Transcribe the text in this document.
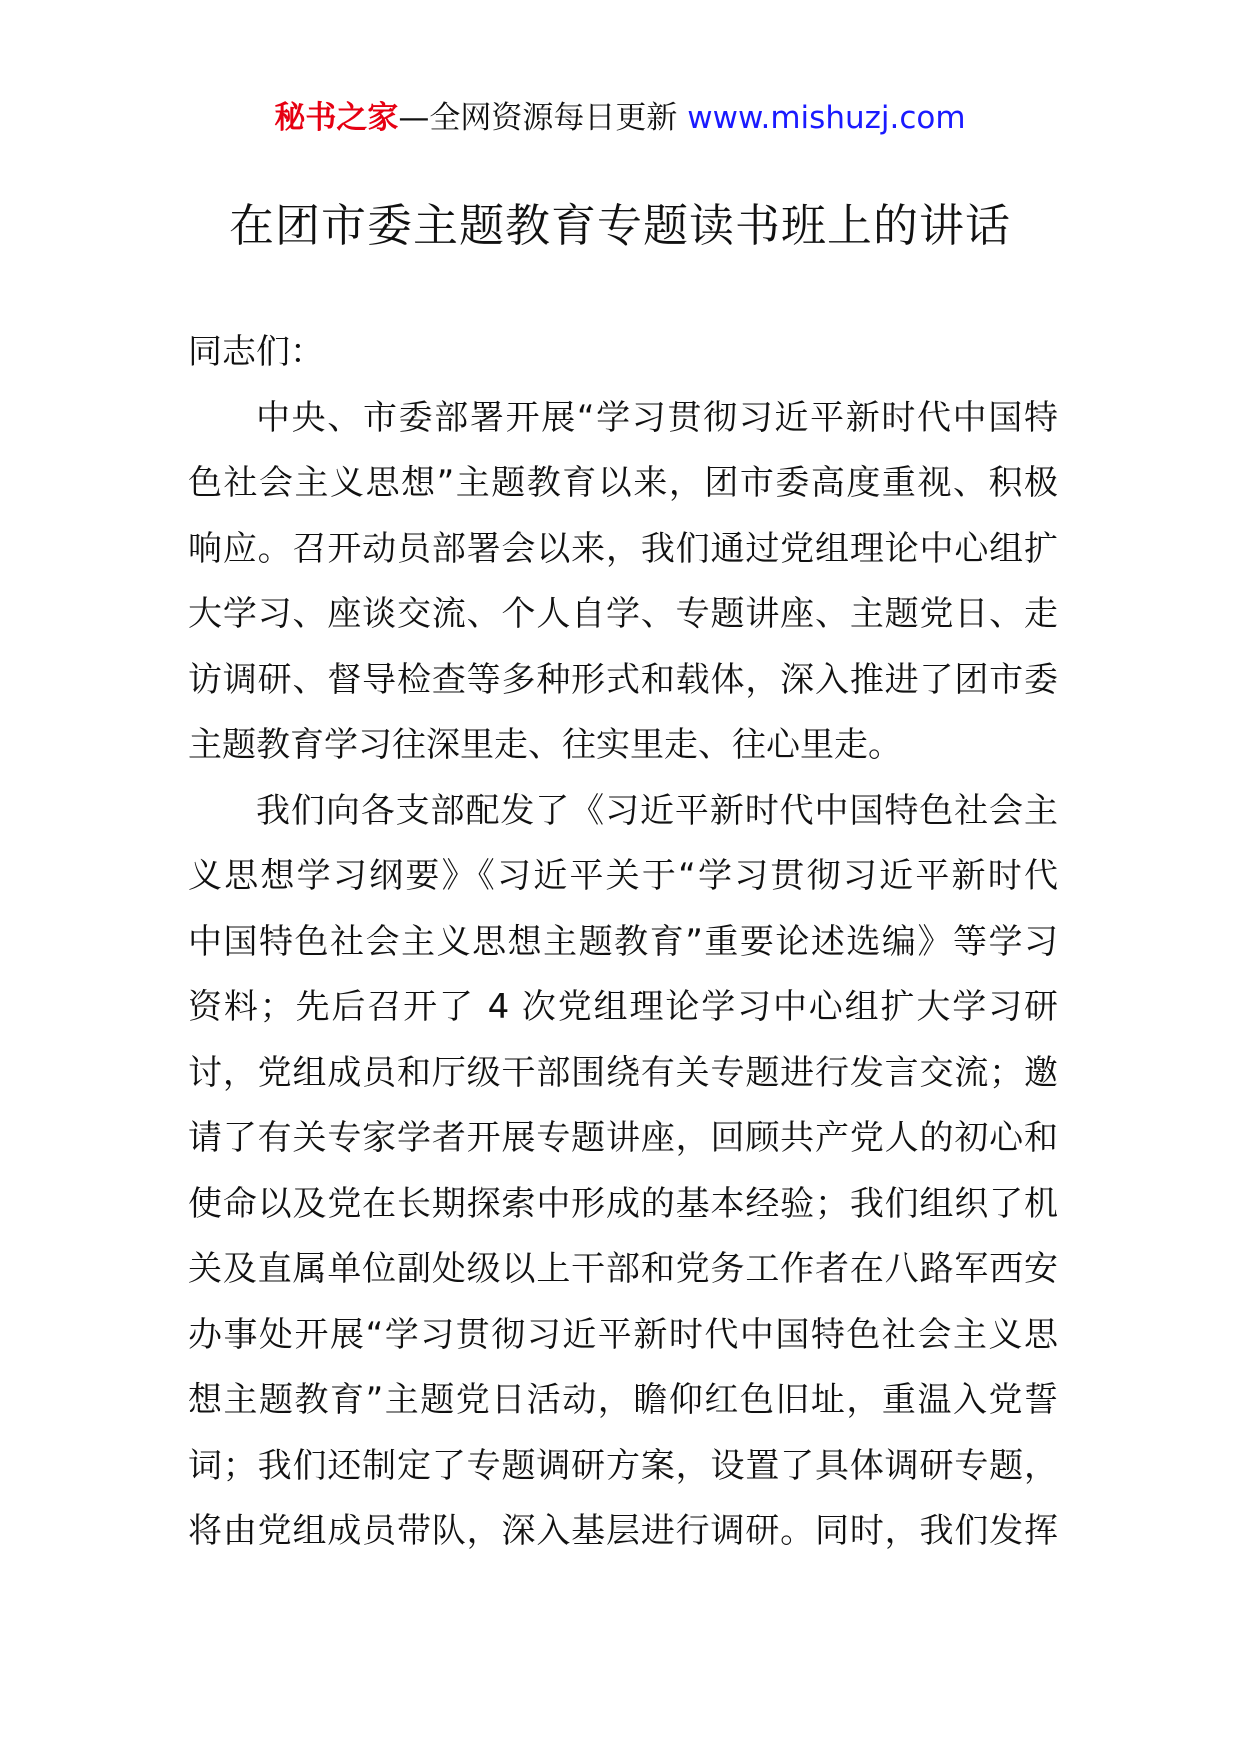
秘书之家—全网资源每日更新 www.mishuzj.com
在团市委主题教育专题读书班上的讲话
同志们：
中央、市委部署开展“学习贯彻习近平新时代中国特
色社会主义思想”主题教育以来，团市委高度重视、积极
响应。召开动员部署会以来，我们通过党组理论中心组扩
大学习、座谈交流、个人自学、专题讲座、主题党日、走
访调研、督导检查等多种形式和载体，深入推进了团市委
主题教育学习往深里走、往实里走、往心里走。
我们向各支部配发了《习近平新时代中国特色社会主
义思想学习纲要》《习近平关于“学习贯彻习近平新时代
中国特色社会主义思想主题教育”重要论述选编》等学习
资料；先后召开了 4 次党组理论学习中心组扩大学习研
讨，党组成员和厅级干部围绕有关专题进行发言交流；邀
请了有关专家学者开展专题讲座，回顾共产党人的初心和
使命以及党在长期探索中形成的基本经验；我们组织了机
关及直属单位副处级以上干部和党务工作者在八路军西安
办事处开展“学习贯彻习近平新时代中国特色社会主义思
想主题教育”主题党日活动，瞻仰红色旧址，重温入党誓
词；我们还制定了专题调研方案，设置了具体调研专题，
将由党组成员带队，深入基层进行调研。同时，我们发挥
